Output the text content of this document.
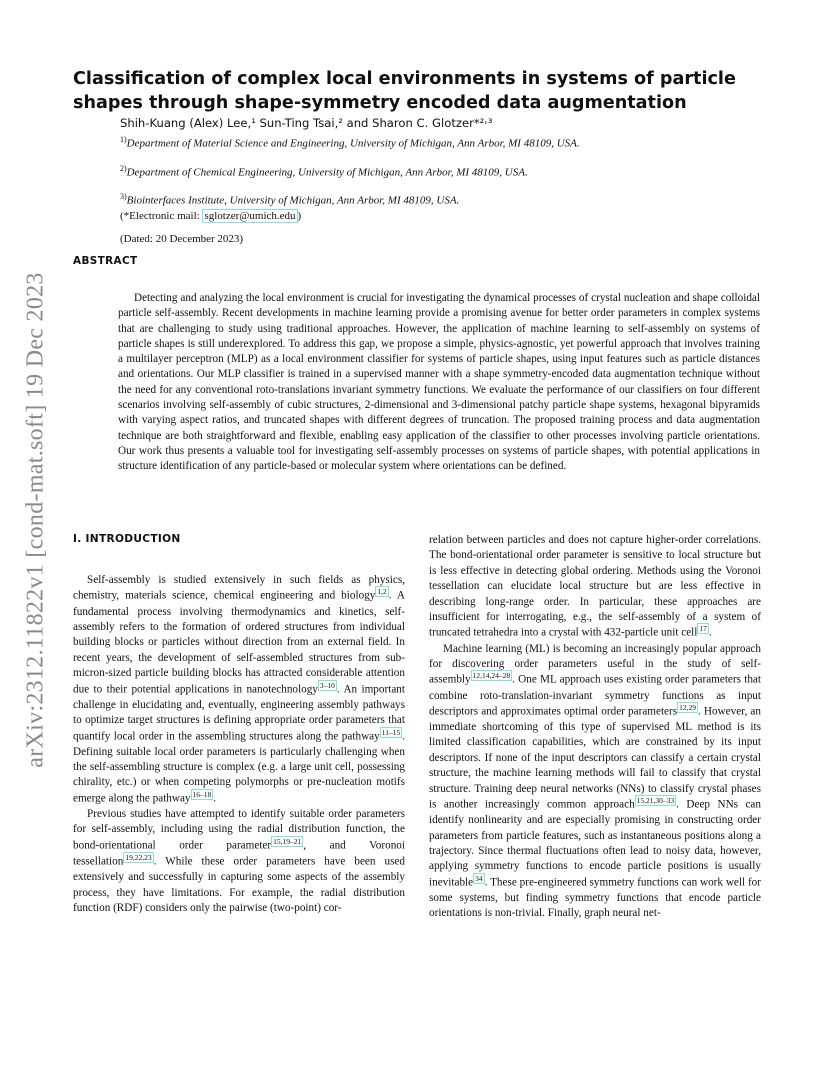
arXiv:2312.11822v1 [cond-mat.soft] 19 Dec 2023
Classification of complex local environments in systems of particle shapes through shape-symmetry encoded data augmentation
Shih-Kuang (Alex) Lee,¹ Sun-Ting Tsai,² and Sharon C. Glotzer*²˒³
$^{1)}$Department of Material Science and Engineering, University of Michigan, Ann Arbor, MI 48109, USA.
$^{2)}$Department of Chemical Engineering, University of Michigan, Ann Arbor, MI 48109, USA.
$^{3)}$Biointerfaces Institute, University of Michigan, Ann Arbor, MI 48109, USA.
(*Electronic mail: sglotzer@umich.edu )
(Dated: 20 December 2023)
ABSTRACT

Detecting and analyzing the local environment is crucial for investigating the dynamical processes of crystal nucleation and shape colloidal particle self-assembly. Recent developments in machine learning provide a promising avenue for better order parameters in complex systems that are challenging to study using traditional approaches. However, the application of machine learning to self-assembly on systems of particle shapes is still underexplored. To address this gap, we propose a simple, physics-agnostic, yet powerful approach that involves training a multilayer perceptron (MLP) as a local environment classifier for systems of particle shapes, using input features such as particle distances and orientations. Our MLP classifier is trained in a supervised manner with a shape symmetry-encoded data augmentation technique without the need for any conventional roto-translations invariant symmetry functions. We evaluate the performance of our classifiers on four different scenarios involving self-assembly of cubic structures, 2-dimensional and 3-dimensional patchy particle shape systems, hexagonal bipyramids with varying aspect ratios, and truncated shapes with different degrees of truncation. The proposed training process and data augmentation technique are both straightforward and flexible, enabling easy application of the classifier to other processes involving particle orientations. Our work thus presents a valuable tool for investigating self-assembly processes on systems of particle shapes, with potential applications in structure identification of any particle-based or molecular system where orientations can be defined.

I. INTRODUCTION

Self-assembly is studied extensively in such fields as physics, chemistry, materials science, chemical engineering and biology $^{1,2}$ . A fundamental process involving thermodynamics and kinetics, self-assembly refers to the formation of ordered structures from individual building blocks or particles without direction from an external field. In recent years, the development of self-assembled structures from sub-micron-sized particle building blocks has attracted considerable attention due to their potential applications in nanotechnology $^{3-10}$ . An important challenge in elucidating and, eventually, engineering assembly pathways to optimize target structures is defining appropriate order parameters that quantify local order in the assembling structures along the pathway $^{11-15}$ . Defining suitable local order parameters is particularly challenging when the self-assembling structure is complex (e.g. a large unit cell, possessing chirality, etc.) or when competing polymorphs or pre-nucleation motifs emerge along the pathway $^{16-18}$ .

Previous studies have attempted to identify suitable order parameters for self-assembly, including using the radial distribution function, the bond-orientational order parameter $^{15,19-21}$ , and Voronoi tessellation $^{19,22,23}$ . While these order parameters have been used extensively and successfully in capturing some aspects of the assembly process, they have limitations. For example, the radial distribution function (RDF) considers only the pairwise (two-point) cor-

relation between particles and does not capture higher-order correlations. The bond-orientational order parameter is sensitive to local structure but is less effective in detecting global ordering. Methods using the Voronoi tessellation can elucidate local structure but are less effective in describing long-range order. In particular, these approaches are insufficient for interrogating, e.g., the self-assembly of a system of truncated tetrahedra into a crystal with 432-particle unit cell $^{17}$ .

Machine learning (ML) is becoming an increasingly popular approach for discovering order parameters useful in the study of self-assembly $^{12,14,24-28}$ . One ML approach uses existing order parameters that combine roto-translation-invariant symmetry functions as input descriptors and approximates optimal order parameters $^{12,29}$ . However, an immediate shortcoming of this type of supervised ML method is its limited classification capabilities, which are constrained by its input descriptors. If none of the input descriptors can classify a certain crystal structure, the machine learning methods will fail to classify that crystal structure. Training deep neural networks (NNs) to classify crystal phases is another increasingly common approach $^{15,21,30-33}$ . Deep NNs can identify nonlinearity and are especially promising in constructing order parameters from particle features, such as instantaneous positions along a trajectory. Since thermal fluctuations often lead to noisy data, however, applying symmetry functions to encode particle positions is usually inevitable $^{34}$ . These pre-engineered symmetry functions can work well for some systems, but finding symmetry functions that encode particle orientations is non-trivial. Finally, graph neural net-
